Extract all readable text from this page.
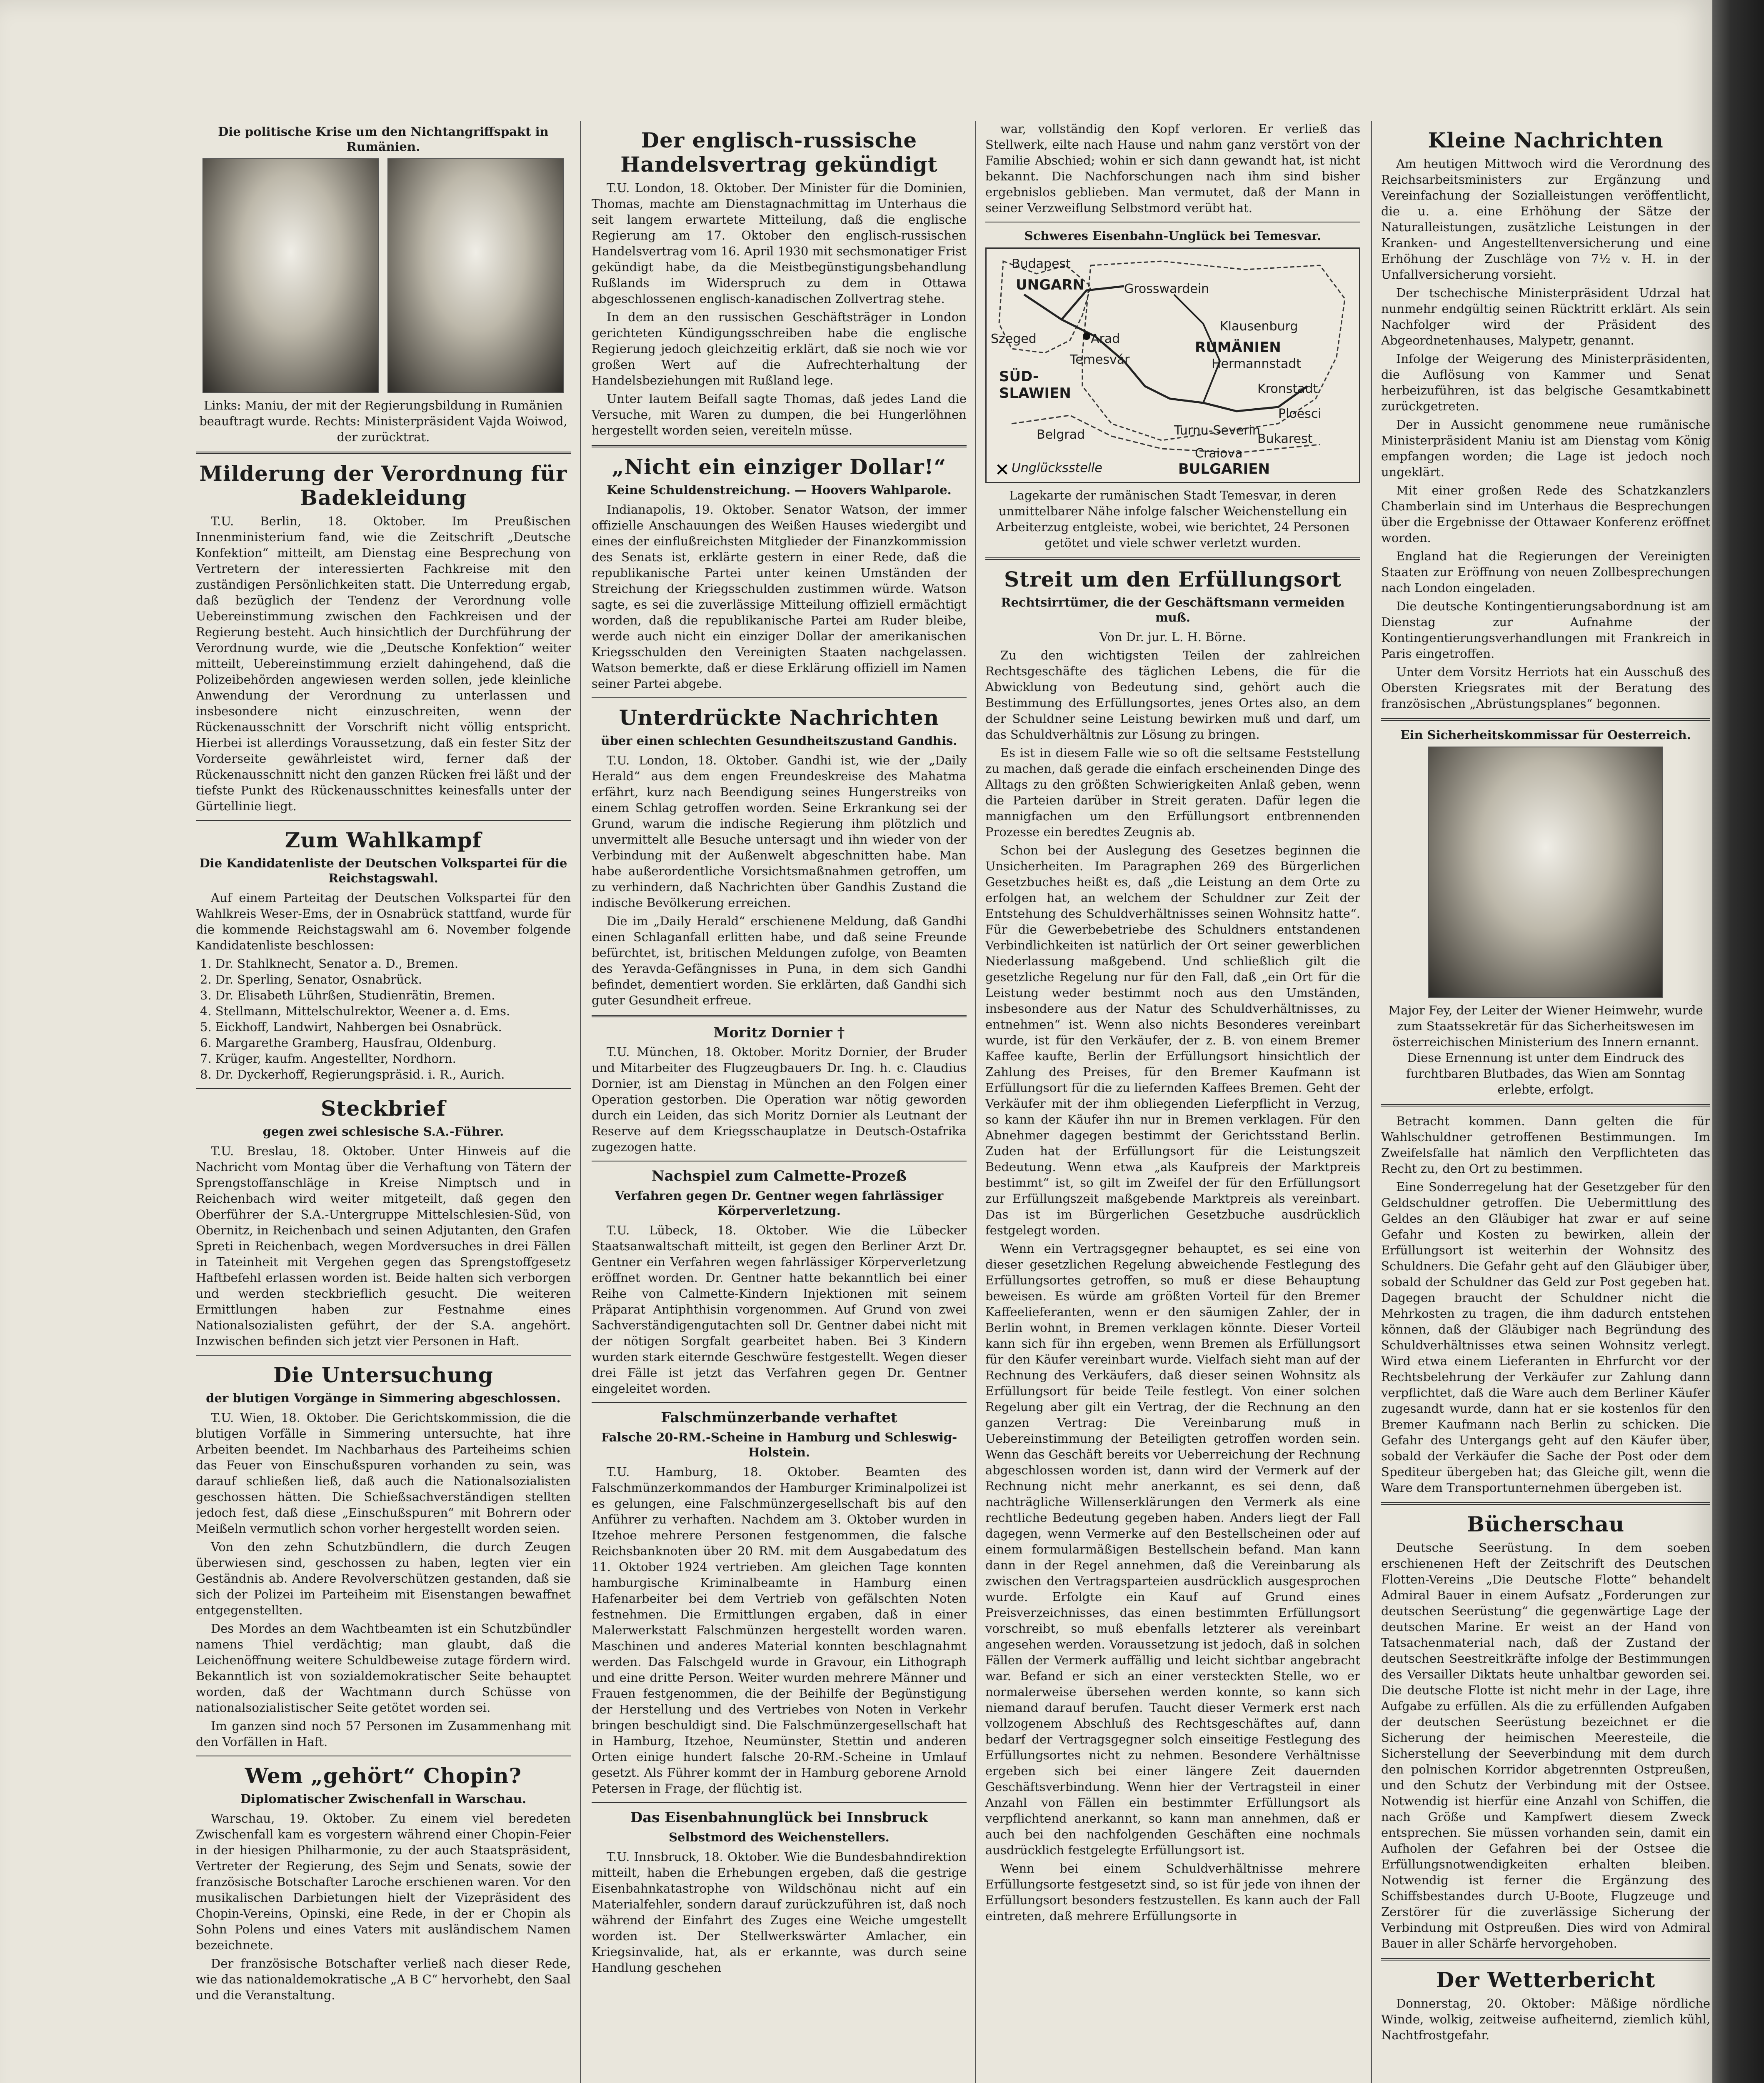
Die politische Krise um den Nichtangriffspakt in Rumänien.
Links: Maniu, der mit der Regierungsbildung in Rumänien beauftragt wurde. Rechts: Ministerpräsident Vajda Woiwod, der zurücktrat.
Milderung der Verordnung für Badekleidung

T.U. Berlin, 18. Oktober. Im Preußischen Innenministerium fand, wie die Zeitschrift „Deutsche Konfektion“ mitteilt, am Dienstag eine Besprechung von Vertretern der interessierten Fachkreise mit den zuständigen Persönlichkeiten statt. Die Unterredung ergab, daß bezüglich der Tendenz der Verordnung volle Uebereinstimmung zwischen den Fachkreisen und der Regierung besteht. Auch hinsichtlich der Durchführung der Verordnung wurde, wie die „Deutsche Konfektion“ weiter mitteilt, Uebereinstimmung erzielt dahingehend, daß die Polizeibehörden angewiesen werden sollen, jede kleinliche Anwendung der Verordnung zu unterlassen und insbesondere nicht einzuschreiten, wenn der Rückenausschnitt der Vorschrift nicht völlig entspricht. Hierbei ist allerdings Voraussetzung, daß ein fester Sitz der Vorderseite gewährleistet wird, ferner daß der Rückenausschnitt nicht den ganzen Rücken frei läßt und der tiefste Punkt des Rückenausschnittes keinesfalls unter der Gürtellinie liegt.

Zum Wahlkampf
Die Kandidatenliste der Deutschen Volkspartei für die Reichstagswahl.

Auf einem Parteitag der Deutschen Volkspartei für den Wahlkreis Weser-Ems, der in Osnabrück stattfand, wurde für die kommende Reichstagswahl am 6. November folgende Kandidatenliste beschlossen:

1. Dr. Stahlknecht, Senator a. D., Bremen.
2. Dr. Sperling, Senator, Osnabrück.
3. Dr. Elisabeth Lührßen, Studienrätin, Bremen.
4. Stellmann, Mittelschulrektor, Weener a. d. Ems.
5. Eickhoff, Landwirt, Nahbergen bei Osnabrück.
6. Margarethe Gramberg, Hausfrau, Oldenburg.
7. Krüger, kaufm. Angestellter, Nordhorn.
8. Dr. Dyckerhoff, Regierungspräsid. i. R., Aurich.
Steckbrief
gegen zwei schlesische S.A.-Führer.

T.U. Breslau, 18. Oktober. Unter Hinweis auf die Nachricht vom Montag über die Verhaftung von Tätern der Sprengstoffanschläge in Kreise Nimptsch und in Reichenbach wird weiter mitgeteilt, daß gegen den Oberführer der S.A.-Untergruppe Mittelschlesien-Süd, von Obernitz, in Reichenbach und seinen Adjutanten, den Grafen Spreti in Reichenbach, wegen Mordversuches in drei Fällen in Tateinheit mit Vergehen gegen das Sprengstoffgesetz Haftbefehl erlassen worden ist. Beide halten sich verborgen und werden steckbrieflich gesucht. Die weiteren Ermittlungen haben zur Festnahme eines Nationalsozialisten geführt, der der S.A. angehört. Inzwischen befinden sich jetzt vier Personen in Haft.

Die Untersuchung
der blutigen Vorgänge in Simmering abgeschlossen.

T.U. Wien, 18. Oktober. Die Gerichtskommission, die die blutigen Vorfälle in Simmering untersuchte, hat ihre Arbeiten beendet. Im Nachbarhaus des Parteiheims schien das Feuer von Einschußspuren vorhanden zu sein, was darauf schließen ließ, daß auch die Nationalsozialisten geschossen hätten. Die Schießsachverständigen stellten jedoch fest, daß diese „Einschußspuren“ mit Bohrern oder Meißeln vermutlich schon vorher hergestellt worden seien.

Von den zehn Schutzbündlern, die durch Zeugen überwiesen sind, geschossen zu haben, legten vier ein Geständnis ab. Andere Revolverschützen gestanden, daß sie sich der Polizei im Parteiheim mit Eisenstangen bewaffnet entgegenstellten.

Des Mordes an dem Wachtbeamten ist ein Schutzbündler namens Thiel verdächtig; man glaubt, daß die Leichenöffnung weitere Schuldbeweise zutage fördern wird. Bekanntlich ist von sozialdemokratischer Seite behauptet worden, daß der Wachtmann durch Schüsse von nationalsozialistischer Seite getötet worden sei.

Im ganzen sind noch 57 Personen im Zusammenhang mit den Vorfällen in Haft.

Wem „gehört“ Chopin?
Diplomatischer Zwischenfall in Warschau.

Warschau, 19. Oktober. Zu einem viel beredeten Zwischenfall kam es vorgestern während einer Chopin-Feier in der hiesigen Philharmonie, zu der auch Staatspräsident, Vertreter der Regierung, des Sejm und Senats, sowie der französische Botschafter Laroche erschienen waren. Vor den musikalischen Darbietungen hielt der Vizepräsident des Chopin-Vereins, Opinski, eine Rede, in der er Chopin als Sohn Polens und eines Vaters mit ausländischem Namen bezeichnete.

Der französische Botschafter verließ nach dieser Rede, wie das nationaldemokratische „A B C“ hervorhebt, den Saal und die Veranstaltung.

Der englisch-russische Handelsvertrag gekündigt

T.U. London, 18. Oktober. Der Minister für die Dominien, Thomas, machte am Dienstagnachmittag im Unterhaus die seit langem erwartete Mitteilung, daß die englische Regierung am 17. Oktober den englisch-russischen Handelsvertrag vom 16. April 1930 mit sechsmonatiger Frist gekündigt habe, da die Meistbegünstigungsbehandlung Rußlands im Widerspruch zu dem in Ottawa abgeschlossenen englisch-kanadischen Zollvertrag stehe.

In dem an den russischen Geschäftsträger in London gerichteten Kündigungsschreiben habe die englische Regierung jedoch gleichzeitig erklärt, daß sie noch wie vor großen Wert auf die Aufrechterhaltung der Handelsbeziehungen mit Rußland lege.

Unter lautem Beifall sagte Thomas, daß jedes Land die Versuche, mit Waren zu dumpen, die bei Hungerlöhnen hergestellt worden seien, vereiteln müsse.

„Nicht ein einziger Dollar!“
Keine Schuldenstreichung. — Hoovers Wahlparole.

Indianapolis, 19. Oktober. Senator Watson, der immer offizielle Anschauungen des Weißen Hauses wiedergibt und eines der einflußreichsten Mitglieder der Finanzkommission des Senats ist, erklärte gestern in einer Rede, daß die republikanische Partei unter keinen Umständen der Streichung der Kriegsschulden zustimmen würde. Watson sagte, es sei die zuverlässige Mitteilung offiziell ermächtigt worden, daß die republikanische Partei am Ruder bleibe, werde auch nicht ein einziger Dollar der amerikanischen Kriegsschulden den Vereinigten Staaten nachgelassen. Watson bemerkte, daß er diese Erklärung offiziell im Namen seiner Partei abgebe.

Unterdrückte Nachrichten
über einen schlechten Gesundheitszustand Gandhis.

T.U. London, 18. Oktober. Gandhi ist, wie der „Daily Herald“ aus dem engen Freundeskreise des Mahatma erfährt, kurz nach Beendigung seines Hungerstreiks von einem Schlag getroffen worden. Seine Erkrankung sei der Grund, warum die indische Regierung ihm plötzlich und unvermittelt alle Besuche untersagt und ihn wieder von der Verbindung mit der Außenwelt abgeschnitten habe. Man habe außerordentliche Vorsichtsmaßnahmen getroffen, um zu verhindern, daß Nachrichten über Gandhis Zustand die indische Bevölkerung erreichen.

Die im „Daily Herald“ erschienene Meldung, daß Gandhi einen Schlaganfall erlitten habe, und daß seine Freunde befürchtet, ist, britischen Meldungen zufolge, von Beamten des Yeravda-Gefängnisses in Puna, in dem sich Gandhi befindet, dementiert worden. Sie erklärten, daß Gandhi sich guter Gesundheit erfreue.

Moritz Dornier †

T.U. München, 18. Oktober. Moritz Dornier, der Bruder und Mitarbeiter des Flugzeugbauers Dr. Ing. h. c. Claudius Dornier, ist am Dienstag in München an den Folgen einer Operation gestorben. Die Operation war nötig geworden durch ein Leiden, das sich Moritz Dornier als Leutnant der Reserve auf dem Kriegsschauplatze in Deutsch-Ostafrika zugezogen hatte.

Nachspiel zum Calmette-Prozeß
Verfahren gegen Dr. Gentner wegen fahrlässiger Körperverletzung.

T.U. Lübeck, 18. Oktober. Wie die Lübecker Staatsanwaltschaft mitteilt, ist gegen den Berliner Arzt Dr. Gentner ein Verfahren wegen fahrlässiger Körperverletzung eröffnet worden. Dr. Gentner hatte bekanntlich bei einer Reihe von Calmette-Kindern Injektionen mit seinem Präparat Antiphthisin vorgenommen. Auf Grund von zwei Sachverständigengutachten soll Dr. Gentner dabei nicht mit der nötigen Sorgfalt gearbeitet haben. Bei 3 Kindern wurden stark eiternde Geschwüre festgestellt. Wegen dieser drei Fälle ist jetzt das Verfahren gegen Dr. Gentner eingeleitet worden.

Falschmünzerbande verhaftet
Falsche 20-RM.-Scheine in Hamburg und Schleswig-Holstein.

T.U. Hamburg, 18. Oktober. Beamten des Falschmünzerkommandos der Hamburger Kriminalpolizei ist es gelungen, eine Falschmünzergesellschaft bis auf den Anführer zu verhaften. Nachdem am 3. Oktober wurden in Itzehoe mehrere Personen festgenommen, die falsche Reichsbanknoten über 20 RM. mit dem Ausgabedatum des 11. Oktober 1924 vertrieben. Am gleichen Tage konnten hamburgische Kriminalbeamte in Hamburg einen Hafenarbeiter bei dem Vertrieb von gefälschten Noten festnehmen. Die Ermittlungen ergaben, daß in einer Malerwerkstatt Falschmünzen hergestellt worden waren. Maschinen und anderes Material konnten beschlagnahmt werden. Das Falschgeld wurde in Gravour, ein Lithograph und eine dritte Person. Weiter wurden mehrere Männer und Frauen festgenommen, die der Beihilfe der Begünstigung der Herstellung und des Vertriebes von Noten in Verkehr bringen beschuldigt sind. Die Falschmünzergesellschaft hat in Hamburg, Itzehoe, Neumünster, Stettin und anderen Orten einige hundert falsche 20-RM.-Scheine in Umlauf gesetzt. Als Führer kommt der in Hamburg geborene Arnold Petersen in Frage, der flüchtig ist.

Das Eisenbahnunglück bei Innsbruck
Selbstmord des Weichenstellers.

T.U. Innsbruck, 18. Oktober. Wie die Bundesbahndirektion mitteilt, haben die Erhebungen ergeben, daß die gestrige Eisenbahnkatastrophe von Wildschönau nicht auf ein Materialfehler, sondern darauf zurückzuführen ist, daß noch während der Einfahrt des Zuges eine Weiche umgestellt worden ist. Der Stellwerkswärter Amlacher, ein Kriegsinvalide, hat, als er erkannte, was durch seine Handlung geschehen

war, vollständig den Kopf verloren. Er verließ das Stellwerk, eilte nach Hause und nahm ganz verstört von der Familie Abschied; wohin er sich dann gewandt hat, ist nicht bekannt. Die Nachforschungen nach ihm sind bisher ergebnislos geblieben. Man vermutet, daß der Mann in seiner Verzweiflung Selbstmord verübt hat.

Schweres Eisenbahn-Unglück bei Temesvar.
✕
Budapest
UNGARN	Grosswardein
Klausenburg
RUMÄNIEN
Szeged	Arad
Hermannstadt
Temesvár
SÜD-
SLAWIEN	Kronstadt
Ploesci
Turnu-Severin
Bukarest
Belgrad
Craiova
Unglücksstelle	BULGARIEN
Lagekarte der rumänischen Stadt Temesvar, in deren unmittelbarer Nähe infolge falscher Weichenstellung ein Arbeiterzug entgleiste, wobei, wie berichtet, 24 Personen getötet und viele schwer verletzt wurden.
Streit um den Erfüllungsort
Rechtsirrtümer, die der Geschäftsmann vermeiden muß.
Von Dr. jur. L. H. Börne.

Zu den wichtigsten Teilen der zahlreichen Rechtsgeschäfte des täglichen Lebens, die für die Abwicklung von Bedeutung sind, gehört auch die Bestimmung des Erfüllungsortes, jenes Ortes also, an dem der Schuldner seine Leistung bewirken muß und darf, um das Schuldverhältnis zur Lösung zu bringen.

Es ist in diesem Falle wie so oft die seltsame Feststellung zu machen, daß gerade die einfach erscheinenden Dinge des Alltags zu den größten Schwierigkeiten Anlaß geben, wenn die Parteien darüber in Streit geraten. Dafür legen die mannigfachen um den Erfüllungsort entbrennenden Prozesse ein beredtes Zeugnis ab.

Schon bei der Auslegung des Gesetzes beginnen die Unsicherheiten. Im Paragraphen 269 des Bürgerlichen Gesetzbuches heißt es, daß „die Leistung an dem Orte zu erfolgen hat, an welchem der Schuldner zur Zeit der Entstehung des Schuldverhältnisses seinen Wohnsitz hatte“. Für die Gewerbebetriebe des Schuldners entstandenen Verbindlichkeiten ist natürlich der Ort seiner gewerblichen Niederlassung maßgebend. Und schließlich gilt die gesetzliche Regelung nur für den Fall, daß „ein Ort für die Leistung weder bestimmt noch aus den Umständen, insbesondere aus der Natur des Schuldverhältnisses, zu entnehmen“ ist. Wenn also nichts Besonderes vereinbart wurde, ist für den Verkäufer, der z. B. von einem Bremer Kaffee kaufte, Berlin der Erfüllungsort hinsichtlich der Zahlung des Preises, für den Bremer Kaufmann ist Erfüllungsort für die zu liefernden Kaffees Bremen. Geht der Verkäufer mit der ihm obliegenden Lieferpflicht in Verzug, so kann der Käufer ihn nur in Bremen verklagen. Für den Abnehmer dagegen bestimmt der Gerichtsstand Berlin. Zuden hat der Erfüllungsort für die Leistungszeit Bedeutung. Wenn etwa „als Kaufpreis der Marktpreis bestimmt“ ist, so gilt im Zweifel der für den Erfüllungsort zur Erfüllungszeit maßgebende Marktpreis als vereinbart. Das ist im Bürgerlichen Gesetzbuche ausdrücklich festgelegt worden.

Wenn ein Vertragsgegner behauptet, es sei eine von dieser gesetzlichen Regelung abweichende Festlegung des Erfüllungsortes getroffen, so muß er diese Behauptung beweisen. Es würde am größten Vorteil für den Bremer Kaffeelieferanten, wenn er den säumigen Zahler, der in Berlin wohnt, in Bremen verklagen könnte. Dieser Vorteil kann sich für ihn ergeben, wenn Bremen als Erfüllungsort für den Käufer vereinbart wurde. Vielfach sieht man auf der Rechnung des Verkäufers, daß dieser seinen Wohnsitz als Erfüllungsort für beide Teile festlegt. Von einer solchen Regelung aber gilt ein Vertrag, der die Rechnung an den ganzen Vertrag: Die Vereinbarung muß in Uebereinstimmung der Beteiligten getroffen worden sein. Wenn das Geschäft bereits vor Ueberreichung der Rechnung abgeschlossen worden ist, dann wird der Vermerk auf der Rechnung nicht mehr anerkannt, es sei denn, daß nachträgliche Willenserklärungen den Vermerk als eine rechtliche Bedeutung gegeben haben. Anders liegt der Fall dagegen, wenn Vermerke auf den Bestellscheinen oder auf einem formularmäßigen Bestellschein befand. Man kann dann in der Regel annehmen, daß die Vereinbarung als zwischen den Vertragsparteien ausdrücklich ausgesprochen wurde. Erfolgte ein Kauf auf Grund eines Preisverzeichnisses, das einen bestimmten Erfüllungsort vorschreibt, so muß ebenfalls letzterer als vereinbart angesehen werden. Voraussetzung ist jedoch, daß in solchen Fällen der Vermerk auffällig und leicht sichtbar angebracht war. Befand er sich an einer versteckten Stelle, wo er normalerweise übersehen werden konnte, so kann sich niemand darauf berufen. Taucht dieser Vermerk erst nach vollzogenem Abschluß des Rechtsgeschäftes auf, dann bedarf der Vertragsgegner solch einseitige Festlegung des Erfüllungsortes nicht zu nehmen. Besondere Verhältnisse ergeben sich bei einer längere Zeit dauernden Geschäftsverbindung. Wenn hier der Vertragsteil in einer Anzahl von Fällen ein bestimmter Erfüllungsort als verpflichtend anerkannt, so kann man annehmen, daß er auch bei den nachfolgenden Geschäften eine nochmals ausdrücklich festgelegte Erfüllungsort ist.

Wenn bei einem Schuldverhältnisse mehrere Erfüllungsorte festgesetzt sind, so ist für jede von ihnen der Erfüllungsort besonders festzustellen. Es kann auch der Fall eintreten, daß mehrere Erfüllungsorte in

Kleine Nachrichten

Am heutigen Mittwoch wird die Verordnung des Reichsarbeitsministers zur Ergänzung und Vereinfachung der Sozialleistungen veröffentlicht, die u. a. eine Erhöhung der Sätze der Naturalleistungen, zusätzliche Leistungen in der Kranken- und Angestelltenversicherung und eine Erhöhung der Zuschläge von 7½ v. H. in der Unfallversicherung vorsieht.

Der tschechische Ministerpräsident Udrzal hat nunmehr endgültig seinen Rücktritt erklärt. Als sein Nachfolger wird der Präsident des Abgeordnetenhauses, Malypetr, genannt.

Infolge der Weigerung des Ministerpräsidenten, die Auflösung von Kammer und Senat herbeizuführen, ist das belgische Gesamtkabinett zurückgetreten.

Der in Aussicht genommene neue rumänische Ministerpräsident Maniu ist am Dienstag vom König empfangen worden; die Lage ist jedoch noch ungeklärt.

Mit einer großen Rede des Schatzkanzlers Chamberlain sind im Unterhaus die Besprechungen über die Ergebnisse der Ottawaer Konferenz eröffnet worden.

England hat die Regierungen der Vereinigten Staaten zur Eröffnung von neuen Zollbesprechungen nach London eingeladen.

Die deutsche Kontingentierungsabordnung ist am Dienstag zur Aufnahme der Kontingentierungsverhandlungen mit Frankreich in Paris eingetroffen.

Unter dem Vorsitz Herriots hat ein Ausschuß des Obersten Kriegsrates mit der Beratung des französischen „Abrüstungsplanes“ begonnen.

Ein Sicherheitskommissar für Oesterreich.
Major Fey, der Leiter der Wiener Heimwehr, wurde zum Staatssekretär für das Sicherheitswesen im österreichischen Ministerium des Innern ernannt. Diese Ernennung ist unter dem Eindruck des furchtbaren Blutbades, das Wien am Sonntag erlebte, erfolgt.

Betracht kommen. Dann gelten die für Wahlschuldner getroffenen Bestimmungen. Im Zweifelsfalle hat nämlich den Verpflichteten das Recht zu, den Ort zu bestimmen.

Eine Sonderregelung hat der Gesetzgeber für den Geldschuldner getroffen. Die Uebermittlung des Geldes an den Gläubiger hat zwar er auf seine Gefahr und Kosten zu bewirken, allein der Erfüllungsort ist weiterhin der Wohnsitz des Schuldners. Die Gefahr geht auf den Gläubiger über, sobald der Schuldner das Geld zur Post gegeben hat. Dagegen braucht der Schuldner nicht die Mehrkosten zu tragen, die ihm dadurch entstehen können, daß der Gläubiger nach Begründung des Schuldverhältnisses etwa seinen Wohnsitz verlegt. Wird etwa einem Lieferanten in Ehrfurcht vor der Rechtsbelehrung der Verkäufer zur Zahlung dann verpflichtet, daß die Ware auch dem Berliner Käufer zugesandt wurde, dann hat er sie kostenlos für den Bremer Kaufmann nach Berlin zu schicken. Die Gefahr des Untergangs geht auf den Käufer über, sobald der Verkäufer die Sache der Post oder dem Spediteur übergeben hat; das Gleiche gilt, wenn die Ware dem Transportunternehmen übergeben ist.

Bücherschau

Deutsche Seerüstung. In dem soeben erschienenen Heft der Zeitschrift des Deutschen Flotten-Vereins „Die Deutsche Flotte“ behandelt Admiral Bauer in einem Aufsatz „Forderungen zur deutschen Seerüstung“ die gegenwärtige Lage der deutschen Marine. Er weist an der Hand von Tatsachenmaterial nach, daß der Zustand der deutschen Seestreitkräfte infolge der Bestimmungen des Versailler Diktats heute unhaltbar geworden sei. Die deutsche Flotte ist nicht mehr in der Lage, ihre Aufgabe zu erfüllen. Als die zu erfüllenden Aufgaben der deutschen Seerüstung bezeichnet er die Sicherung der heimischen Meeresteile, die Sicherstellung der Seeverbindung mit dem durch den polnischen Korridor abgetrennten Ostpreußen, und den Schutz der Verbindung mit der Ostsee. Notwendig ist hierfür eine Anzahl von Schiffen, die nach Größe und Kampfwert diesem Zweck entsprechen. Sie müssen vorhanden sein, damit ein Aufholen der Gefahren bei der Ostsee die Erfüllungsnotwendigkeiten erhalten bleiben. Notwendig ist ferner die Ergänzung des Schiffsbestandes durch U-Boote, Flugzeuge und Zerstörer für die zuverlässige Sicherung der Verbindung mit Ostpreußen. Dies wird von Admiral Bauer in aller Schärfe hervorgehoben.

Der Wetterbericht

Donnerstag, 20. Oktober: Mäßige nördliche Winde, wolkig, zeitweise aufheiternd, ziemlich kühl, Nachtfrostgefahr.
